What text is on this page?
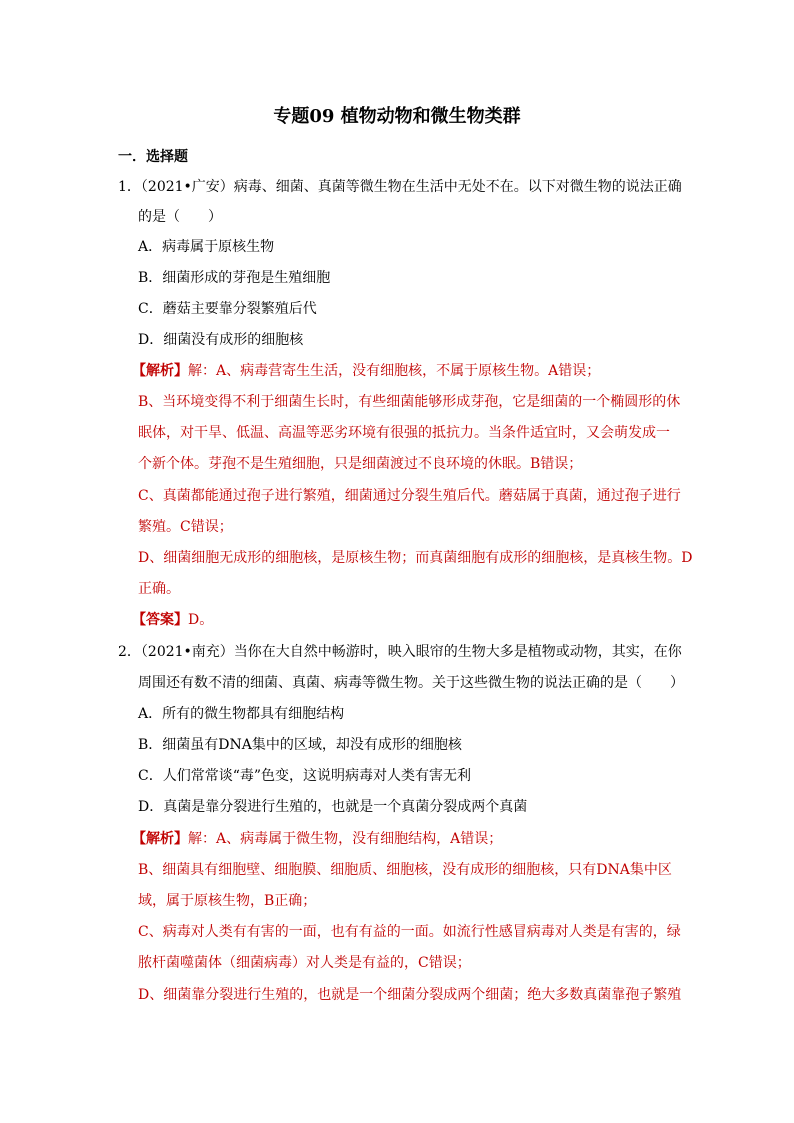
专题09 植物动物和微生物类群
一．选择题
1．（2021•广安）病毒、细菌、真菌等微生物在生活中无处不在。以下对微生物的说法正确
的是（　　）
A．病毒属于原核生物
B．细菌形成的芽孢是生殖细胞
C．蘑菇主要靠分裂繁殖后代
D．细菌没有成形的细胞核
【解析】解：A、病毒营寄生生活，没有细胞核，不属于原核生物。A错误；
B、当环境变得不利于细菌生长时，有些细菌能够形成芽孢，它是细菌的一个椭圆形的休
眠体，对干旱、低温、高温等恶劣环境有很强的抵抗力。当条件适宜时，又会萌发成一
个新个体。芽孢不是生殖细胞，只是细菌渡过不良环境的休眠。B错误；
C、真菌都能通过孢子进行繁殖，细菌通过分裂生殖后代。蘑菇属于真菌，通过孢子进行
繁殖。C错误；
D、细菌细胞无成形的细胞核，是原核生物；而真菌细胞有成形的细胞核，是真核生物。D
正确。
【答案】D。
2．（2021•南充）当你在大自然中畅游时，映入眼帘的生物大多是植物或动物，其实，在你
周围还有数不清的细菌、真菌、病毒等微生物。关于这些微生物的说法正确的是（　　）
A．所有的微生物都具有细胞结构
B．细菌虽有DNA集中的区域，却没有成形的细胞核
C．人们常常谈“毒”色变，这说明病毒对人类有害无利
D．真菌是靠分裂进行生殖的，也就是一个真菌分裂成两个真菌
【解析】解：A、病毒属于微生物，没有细胞结构，A错误；
B、细菌具有细胞壁、细胞膜、细胞质、细胞核，没有成形的细胞核，只有DNA集中区
域，属于原核生物，B正确；
C、病毒对人类有有害的一面，也有有益的一面。如流行性感冒病毒对人类是有害的，绿
脓杆菌噬菌体（细菌病毒）对人类是有益的，C错误；
D、细菌靠分裂进行生殖的，也就是一个细菌分裂成两个细菌；绝大多数真菌靠孢子繁殖
